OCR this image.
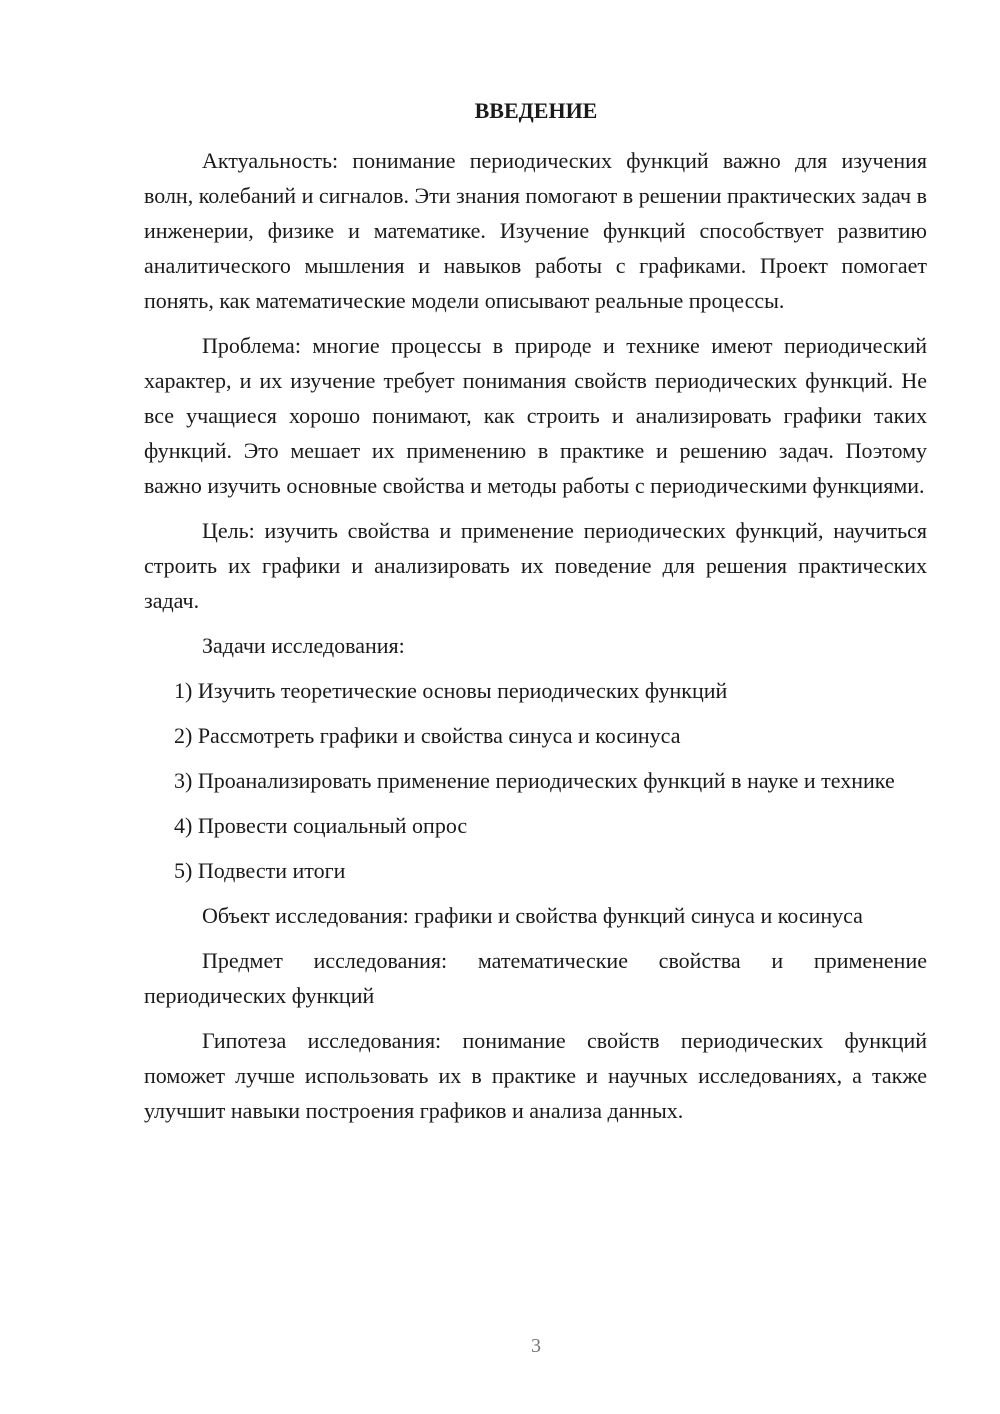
ВВЕДЕНИЕ

Актуальность: понимание периодических функций важно для изучения волн, колебаний и сигналов. Эти знания помогают в решении практических задач в инженерии, физике и математике. Изучение функций способствует развитию аналитического мышления и навыков работы с графиками. Проект помогает понять, как математические модели описывают реальные процессы.

Проблема: многие процессы в природе и технике имеют периодический характер, и их изучение требует понимания свойств периодических функций. Не все учащиеся хорошо понимают, как строить и анализировать графики таких функций. Это мешает их применению в практике и решению задач. Поэтому важно изучить основные свойства и методы работы с периодическими функциями.

Цель: изучить свойства и применение периодических функций, научиться строить их графики и анализировать их поведение для решения практических задач.

Задачи исследования:

1) Изучить теоретические основы периодических функций

2) Рассмотреть графики и свойства синуса и косинуса

3) Проанализировать применение периодических функций в науке и технике

4) Провести социальный опрос

5) Подвести итоги

Объект исследования: графики и свойства функций синуса и косинуса

Предмет исследования: математические свойства и применение периодических функций

Гипотеза исследования: понимание свойств периодических функций поможет лучше использовать их в практике и научных исследованиях, а также улучшит навыки построения графиков и анализа данных.

3
